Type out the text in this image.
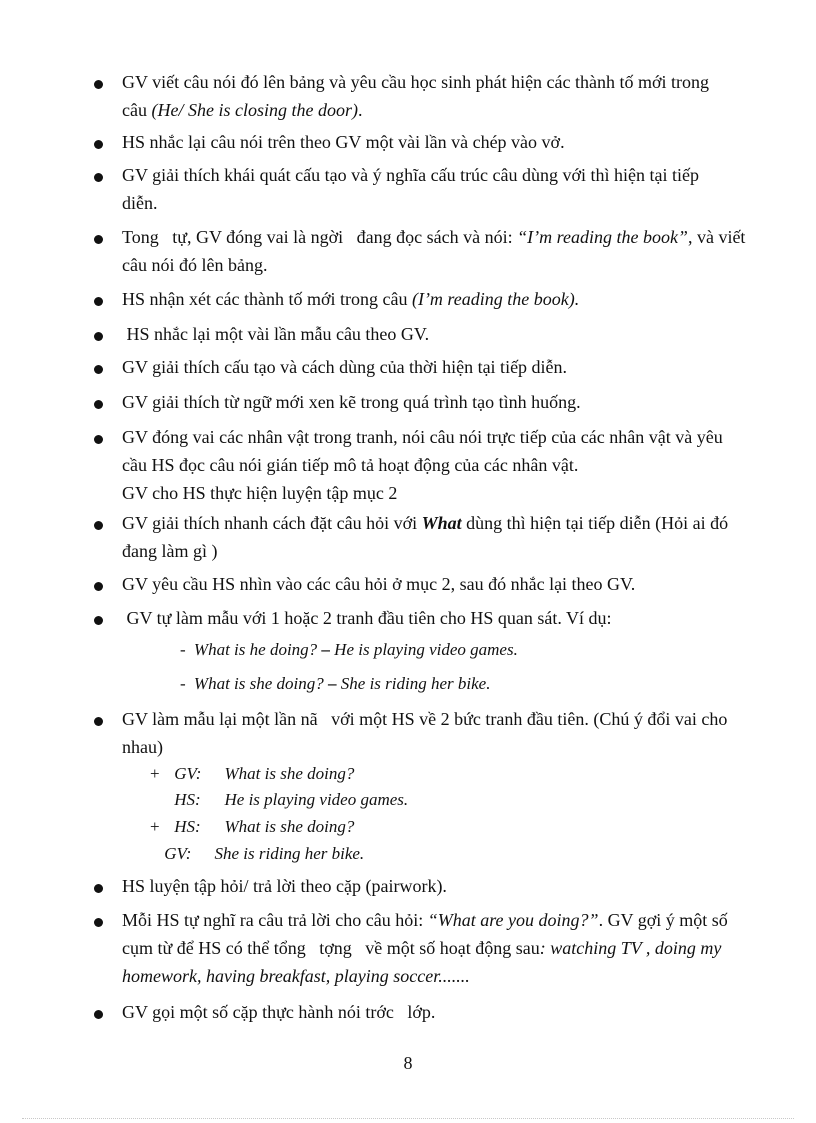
GV viết câu nói đó lên bảng và yêu cầu học sinh phát hiện các thành tố mới trong
câu (He/ She is closing the door).
HS nhắc lại câu nói trên theo GV một vài lần và chép vào vở.
GV giải thích khái quát cấu tạo và ý nghĩa cấu trúc câu dùng với thì hiện tại tiếp
diễn.
Tong   tự, GV đóng vai là ngời   đang đọc sách và nói: “I’m reading the book”, và viết
câu nói đó lên bảng.
HS nhận xét các thành tố mới trong câu (I’m reading the book).
HS nhắc lại một vài lần mẫu câu theo GV.
GV giải thích cấu tạo và cách dùng của thời hiện tại tiếp diễn.
GV giải thích từ ngữ mới xen kẽ trong quá trình tạo tình huống.
GV đóng vai các nhân vật trong tranh, nói câu nói trực tiếp của các nhân vật và yêu
cầu HS đọc câu nói gián tiếp mô tả hoạt động của các nhân vật.
GV cho HS thực hiện luyện tập mục 2
GV giải thích nhanh cách đặt câu hỏi với What dùng thì hiện tại tiếp diễn (Hỏi ai đó
đang làm gì )
GV yêu cầu HS nhìn vào các câu hỏi ở mục 2, sau đó nhắc lại theo GV.
GV tự làm mẫu với 1 hoặc 2 tranh đầu tiên cho HS quan sát. Ví dụ:
GV làm mẫu lại một lần nã   với một HS về 2 bức tranh đầu tiên. (Chú ý đổi vai cho
nhau)
HS luyện tập hỏi/ trả lời theo cặp (pairwork).
Mỗi HS tự nghĩ ra câu trả lời cho câu hỏi: “What are you doing?”. GV gợi ý một số
cụm từ để HS có thể tổng   tợng   về một số hoạt động sau: watching TV , doing my
homework, having breakfast, playing soccer.......
GV gọi một số cặp thực hành nói trớc   lớp.
- What is he doing? – He is playing video games.
- What is she doing? – She is riding her bike.
+ GV: What is she doing?
HS: He is playing video games.
+ HS: What is she doing?
GV: She is riding her bike.
8
